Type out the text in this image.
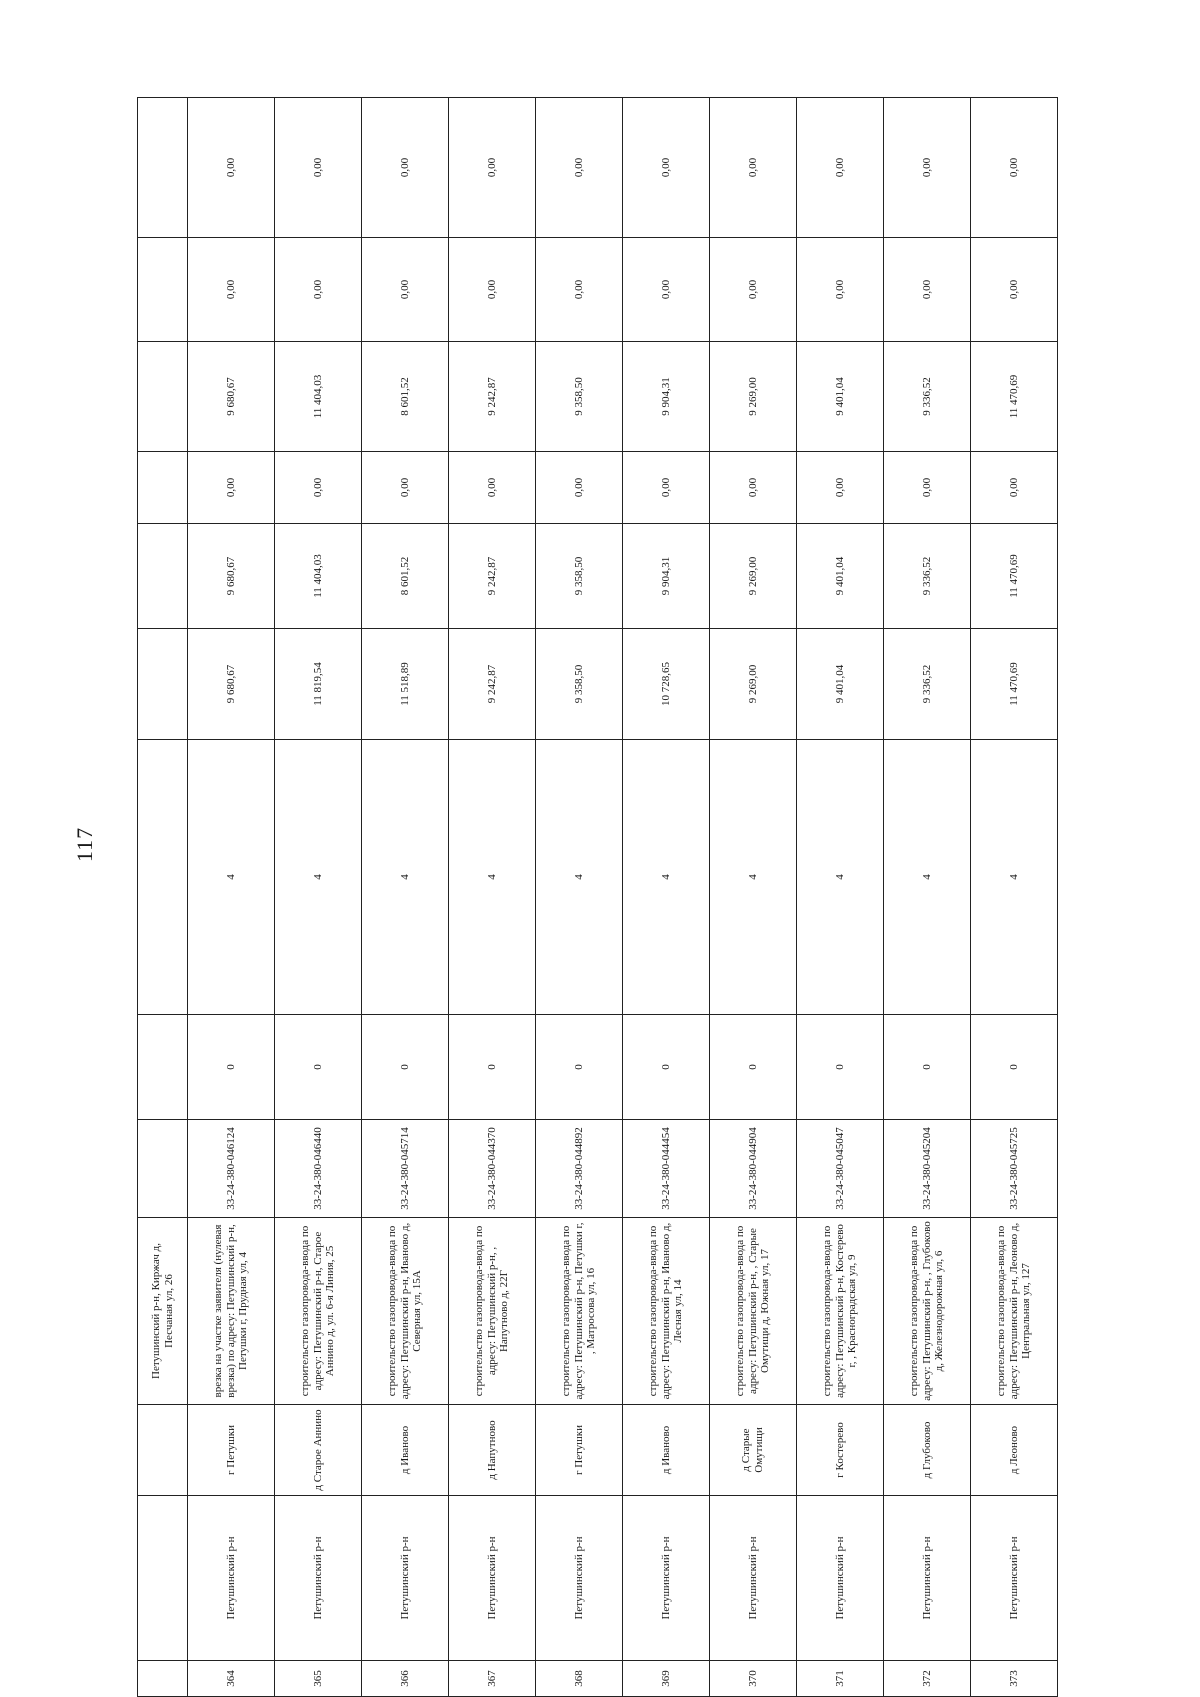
117
			Петушинский р-н, Киржач д, Песчаная ул, 26									
364	Петушинский р-н	г Петушки	врезка на участке заявителя (нулевая врезка) по адресу: Петушинский р-н, Петушки г, Прудная ул, 4	33-24-380-046124	0	4	9 680,67	9 680,67	0,00	9 680,67	0,00	0,00
365	Петушинский р-н	д Старое Аннино	строительство газопровода-ввода по адресу: Петушинский р-н, Старое Аннино д, ул. 6-я Линия, 25	33-24-380-046440	0	4	11 819,54	11 404,03	0,00	11 404,03	0,00	0,00
366	Петушинский р-н	д Иваново	строительство газопровода-ввода по адресу: Петушинский р-н, Иваново д, Северная ул, 15А	33-24-380-045714	0	4	11 518,89	8 601,52	0,00	8 601,52	0,00	0,00
367	Петушинский р-н	д Напутново	строительство газопровода-ввода по адресу: Петушинский р-н, , Напутново д, 22Г	33-24-380-044370	0	4	9 242,87	9 242,87	0,00	9 242,87	0,00	0,00
368	Петушинский р-н	г Петушки	строительство газопровода-ввода по адресу: Петушинский р-н, Петушки г, , Матросова ул, 16	33-24-380-044892	0	4	9 358,50	9 358,50	0,00	9 358,50	0,00	0,00
369	Петушинский р-н	д Иваново	строительство газопровода-ввода по адресу: Петушинский р-н, Иваново д, Лесная ул, 14	33-24-380-044454	0	4	10 728,65	9 904,31	0,00	9 904,31	0,00	0,00
370	Петушинский р-н	д Старые Омутищи	строительство газопровода-ввода по адресу: Петушинский р-н, , Старые Омутищи д, Южная ул, 17	33-24-380-044904	0	4	9 269,00	9 269,00	0,00	9 269,00	0,00	0,00
371	Петушинский р-н	г Костерево	строительство газопровода-ввода по адресу: Петушинский р-н, Костерево г, , Красноградская ул, 9	33-24-380-045047	0	4	9 401,04	9 401,04	0,00	9 401,04	0,00	0,00
372	Петушинский р-н	д Глубоково	строительство газопровода-ввода по адресу: Петушинский р-н, , Глубоково д, Железнодорожная ул, 6	33-24-380-045204	0	4	9 336,52	9 336,52	0,00	9 336,52	0,00	0,00
373	Петушинский р-н	д Леоново	строительство газопровода-ввода по адресу: Петушинский р-н, Леоново д, Центральная ул, 127	33-24-380-045725	0	4	11 470,69	11 470,69	0,00	11 470,69	0,00	0,00
